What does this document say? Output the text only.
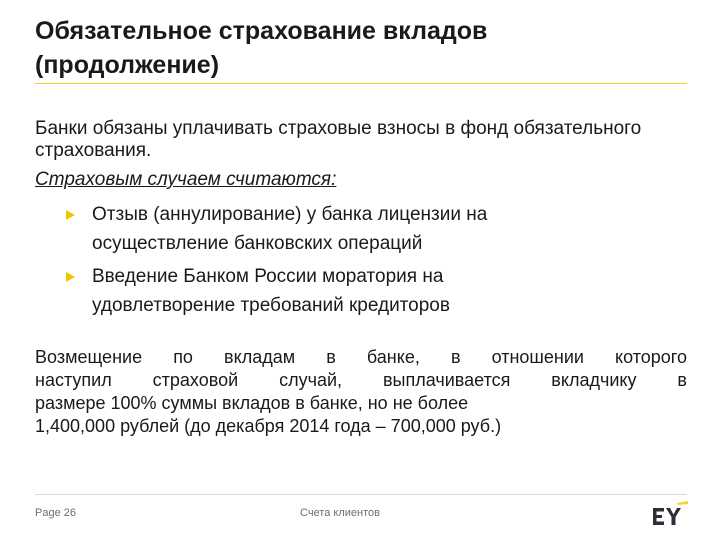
Обязательное страхование вкладов
(продолжение)
Банки обязаны уплачивать страховые взносы в фонд обязательного страхования.
Страховым случаем считаются:
Отзыв (аннулирование) у банка лицензии на
осуществление банковских операций
Введение Банком России моратория на
удовлетворение требований кредиторов
Возмещение по вкладам в банке, в отношении которого
наступил страховой случай, выплачивается вкладчику в
размере 100% суммы вкладов в банке, но не более
1,400,000 рублей (до декабря 2014 года – 700,000 руб.)
Page 26	Счета клиентов
